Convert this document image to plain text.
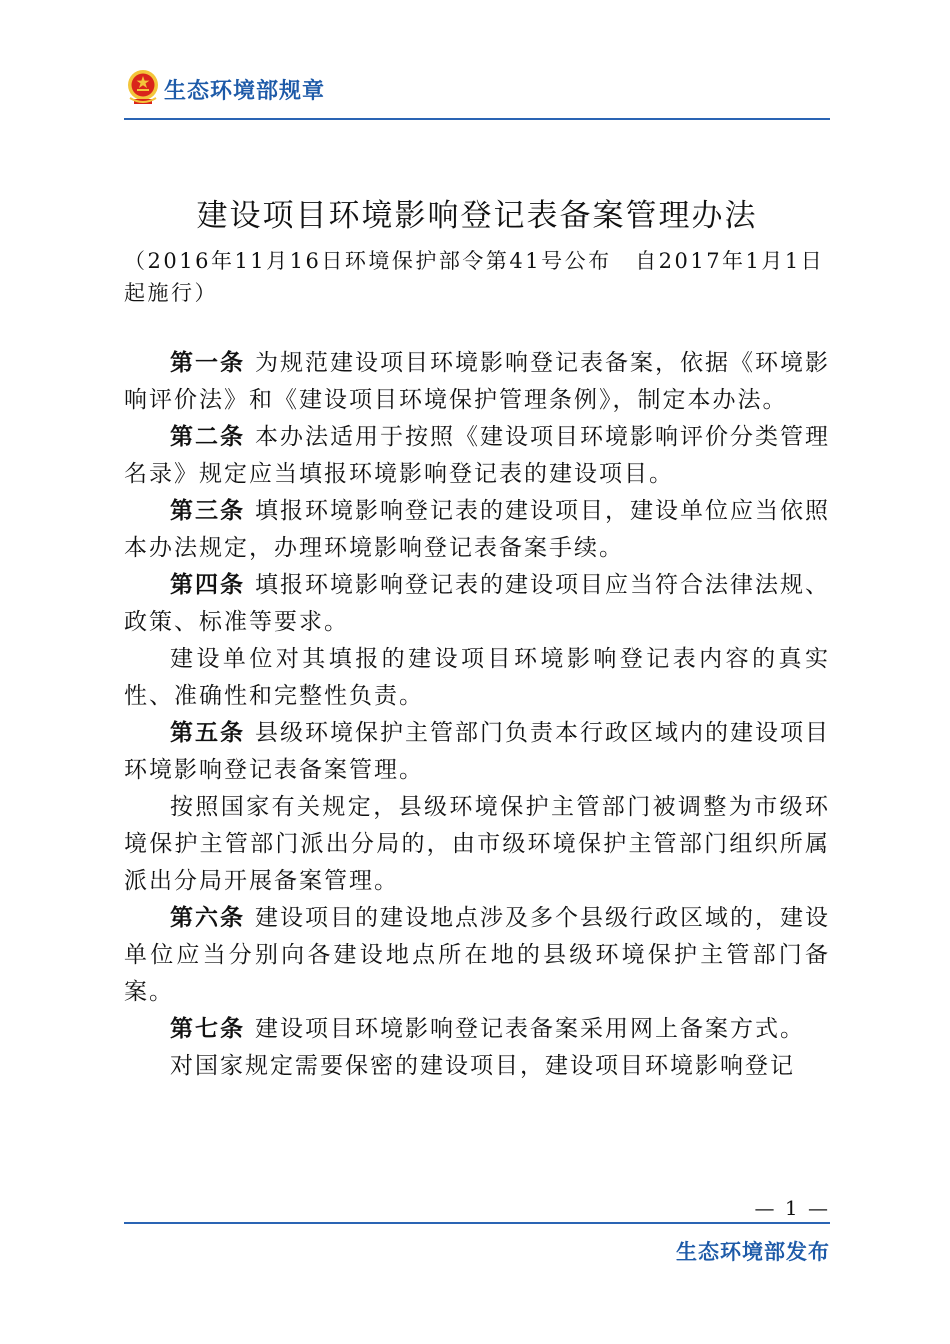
生态环境部规章
建设项目环境影响登记表备案管理办法
（2016年11月16日环境保护部令第41号公布　自2017年1月1日起施行）

第一条 为规范建设项目环境影响登记表备案，依据《环境影响评价法》和《建设项目环境保护管理条例》，制定本办法。

第二条 本办法适用于按照《建设项目环境影响评价分类管理名录》规定应当填报环境影响登记表的建设项目。

第三条 填报环境影响登记表的建设项目，建设单位应当依照本办法规定，办理环境影响登记表备案手续。

第四条 填报环境影响登记表的建设项目应当符合法律法规、政策、标准等要求。

建设单位对其填报的建设项目环境影响登记表内容的真实性、准确性和完整性负责。

第五条 县级环境保护主管部门负责本行政区域内的建设项目环境影响登记表备案管理。

按照国家有关规定，县级环境保护主管部门被调整为市级环境保护主管部门派出分局的，由市级环境保护主管部门组织所属派出分局开展备案管理。

第六条 建设项目的建设地点涉及多个县级行政区域的，建设单位应当分别向各建设地点所在地的县级环境保护主管部门备案。

第七条 建设项目环境影响登记表备案采用网上备案方式。

对国家规定需要保密的建设项目，建设项目环境影响登记

— 1 —
生态环境部发布
